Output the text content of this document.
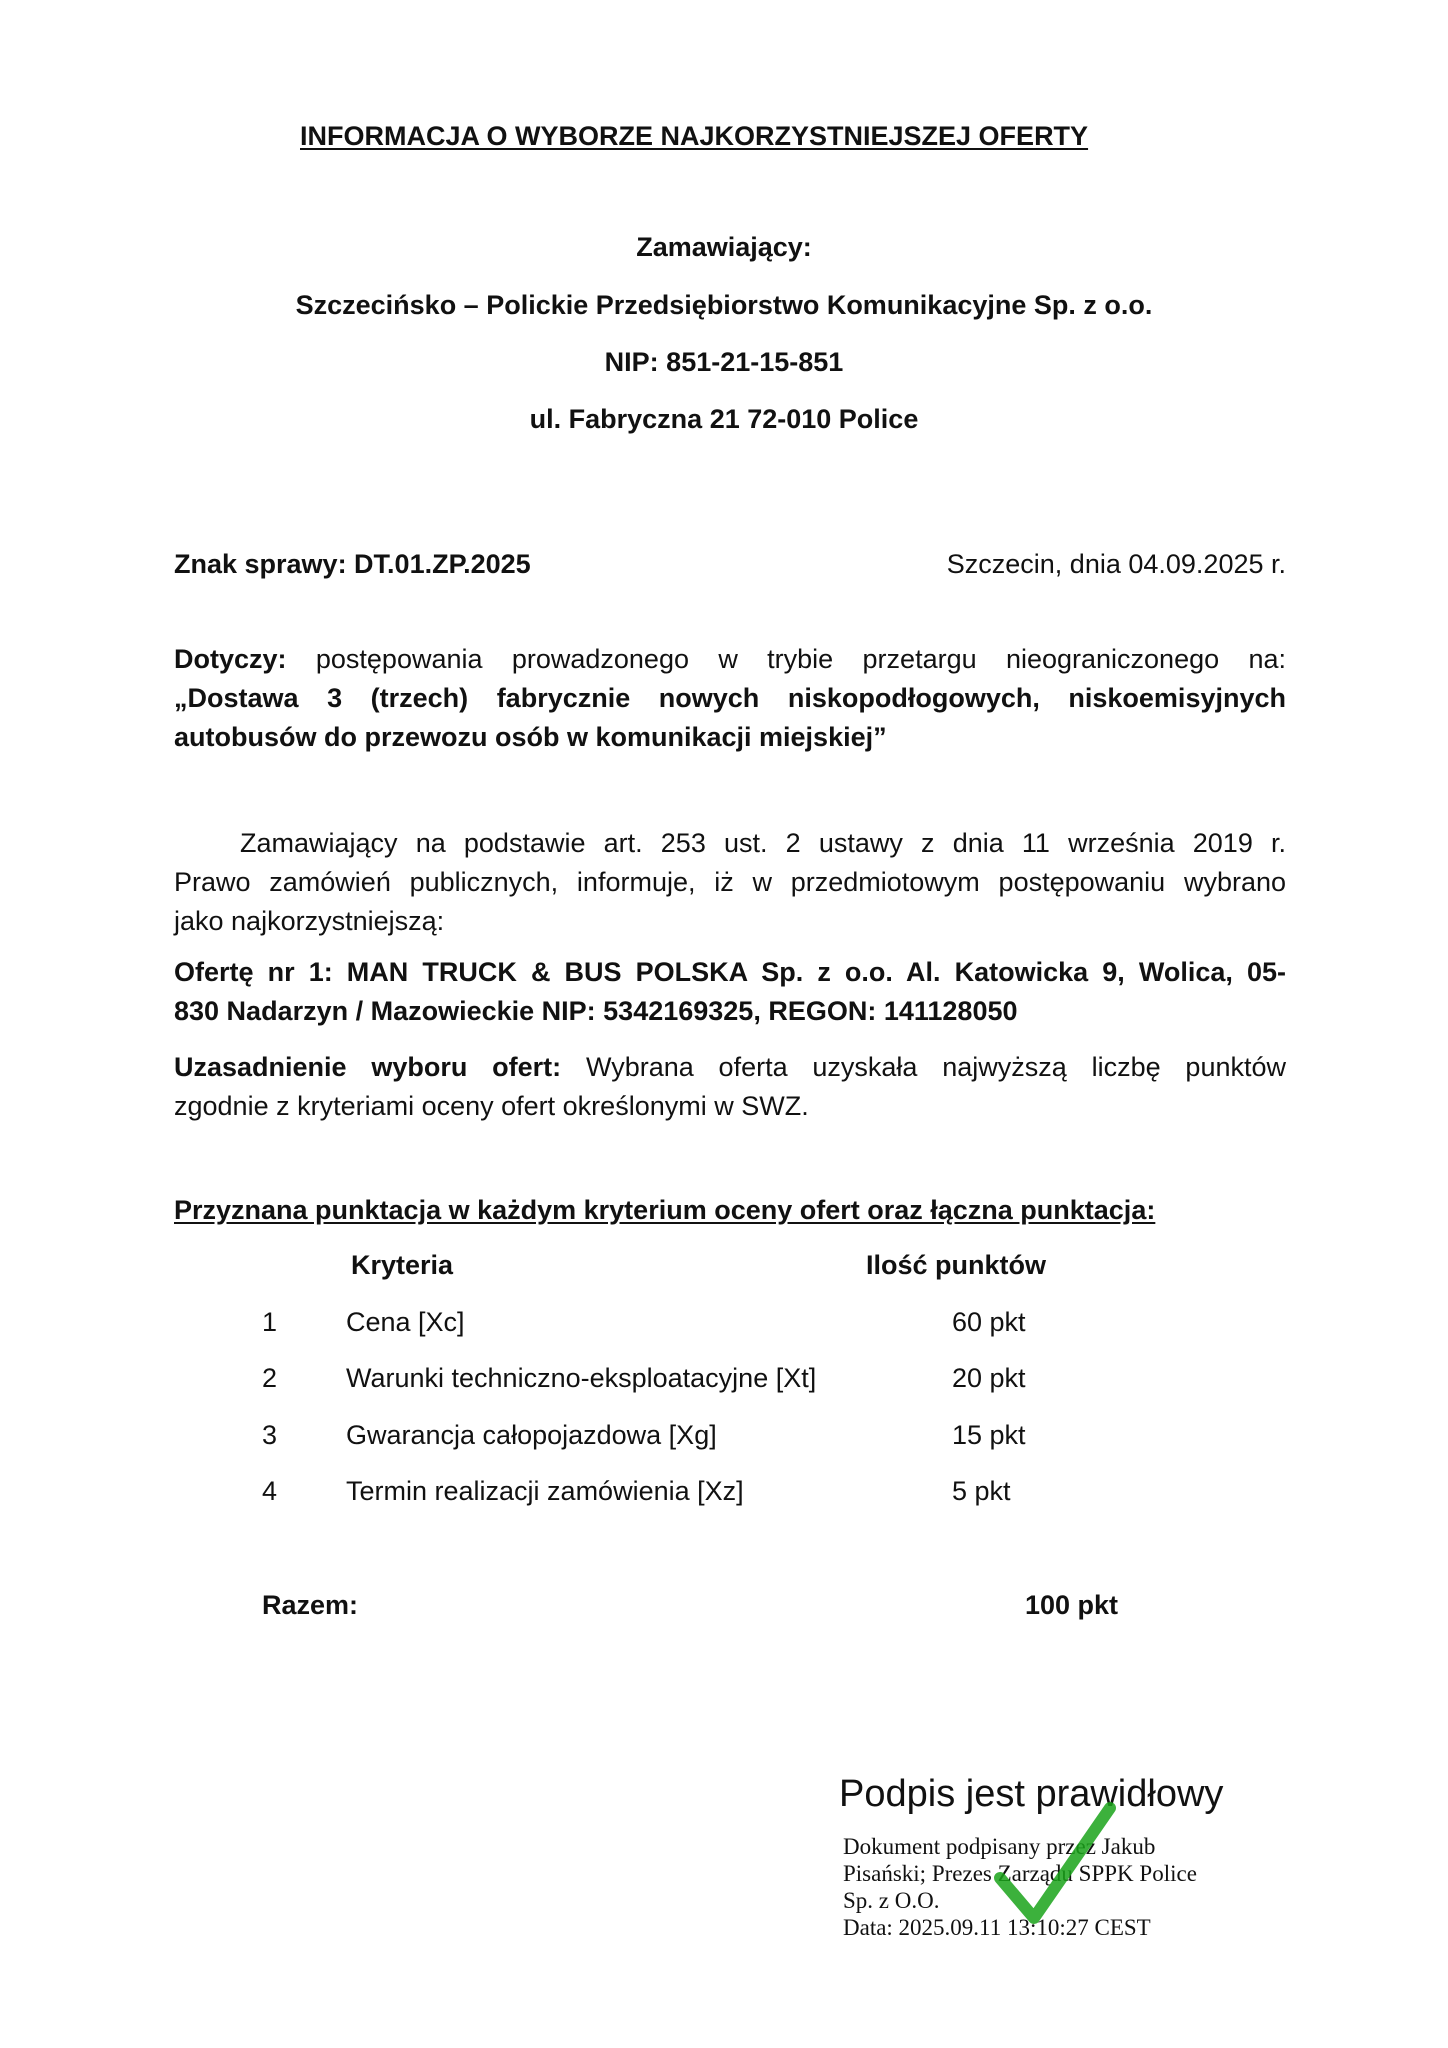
INFORMACJA O WYBORZE NAJKORZYSTNIEJSZEJ OFERTY
Zamawiający:
Szczecińsko – Polickie Przedsiębiorstwo Komunikacyjne Sp. z o.o.
NIP: 851-21-15-851
ul. Fabryczna 21 72-010 Police
Znak sprawy: DT.01.ZP.2025	Szczecin, dnia 04.09.2025 r.
Dotyczy: postępowania prowadzonego w trybie przetargu nieograniczonego na:
„Dostawa 3 (trzech) fabrycznie nowych niskopodłogowych, niskoemisyjnych
autobusów do przewozu osób w komunikacji miejskiej”
Zamawiający na podstawie art. 253 ust. 2 ustawy z dnia 11 września 2019 r.
Prawo zamówień publicznych, informuje, iż w przedmiotowym postępowaniu wybrano
jako najkorzystniejszą:
Ofertę nr 1: MAN TRUCK & BUS POLSKA Sp. z o.o. Al. Katowicka 9, Wolica, 05-
830 Nadarzyn / Mazowieckie NIP: 5342169325, REGON: 141128050
Uzasadnienie wyboru ofert: Wybrana oferta uzyskała najwyższą liczbę punktów
zgodnie z kryteriami oceny ofert określonymi w SWZ.
Przyznana punktacja w każdym kryterium oceny ofert oraz łączna punktacja:
Kryteria	Ilość punktów
1	Cena [Xc]	60 pkt
2	Warunki techniczno-eksploatacyjne [Xt]	20 pkt
3	Gwarancja całopojazdowa [Xg]	15 pkt
4	Termin realizacji zamówienia [Xz]	5 pkt
Razem:	100 pkt
Podpis jest prawidłowy
Dokument podpisany przez Jakub
Pisański; Prezes Zarządu SPPK Police
Sp. z O.O.
Data: 2025.09.11 13:10:27 CEST
